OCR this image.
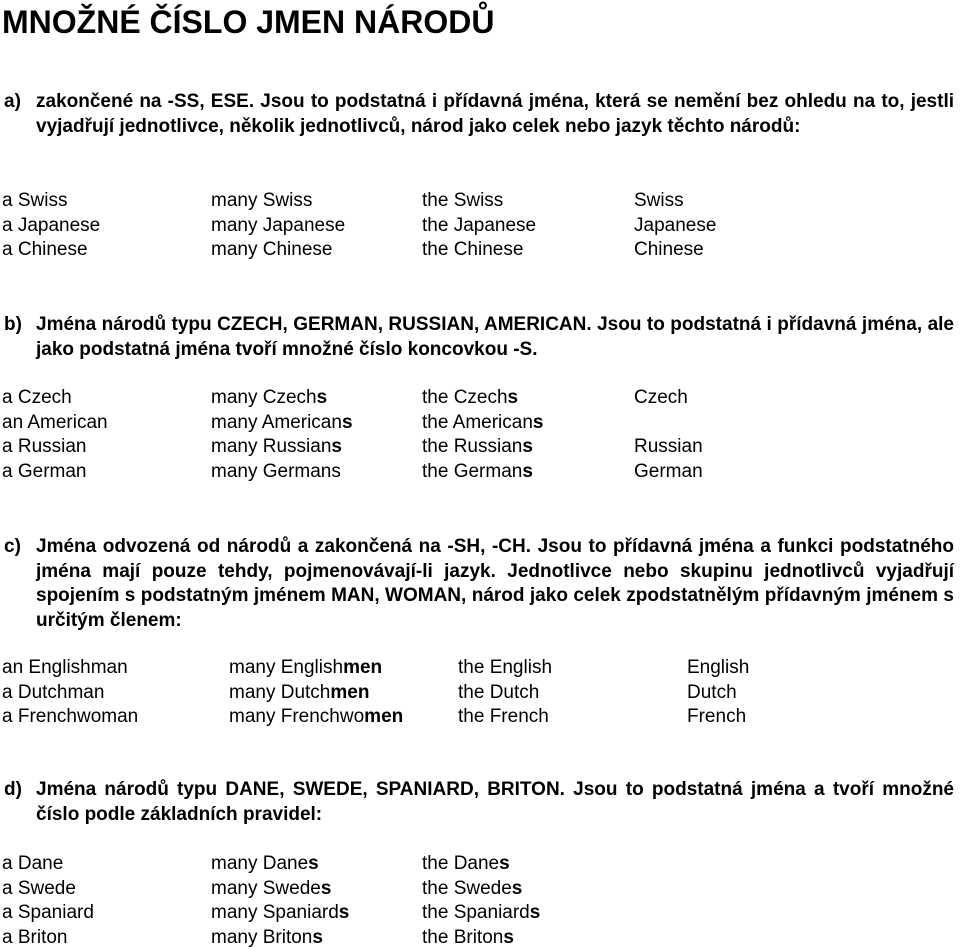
MNOŽNÉ ČÍSLO JMEN NÁRODŮ
a) zakončené na -SS, ESE. Jsou to podstatná i přídavná jména, která se nemění bez ohledu na to, jestli vyjadřují jednotlivce, několik jednotlivců, národ jako celek nebo jazyk těchto národů:
a Swiss	many Swiss	the Swiss	Swiss
a Japanese	many Japanese	the Japanese	Japanese
a Chinese	many Chinese	the Chinese	Chinese
b) Jména národů typu CZECH, GERMAN, RUSSIAN, AMERICAN. Jsou to podstatná i přídavná jména, ale jako podstatná jména tvoří množné číslo koncovkou -S.
a Czech	many Czechs	the Czechs	Czech
an American	many Americans	the Americans
a Russian	many Russians	the Russians	Russian
a German	many Germans	the Germans	German
c) Jména odvozená od národů a zakončená na -SH, -CH. Jsou to přídavná jména a funkci podstatného jména mají pouze tehdy, pojmenovávají-li jazyk. Jednotlivce nebo skupinu jednotlivců vyjadřují spojením s podstatným jménem MAN, WOMAN, národ jako celek zpodstatnělým přídavným jménem s určitým členem:
an Englishman	many Englishmen	the English	English
a Dutchman	many Dutchmen	the Dutch	Dutch
a Frenchwoman	many Frenchwomen	the French	French
d) Jména národů typu DANE, SWEDE, SPANIARD, BRITON. Jsou to podstatná jména a tvoří množné číslo podle základních pravidel:
a Dane	many Danes	the Danes
a Swede	many Swedes	the Swedes
a Spaniard	many Spaniards	the Spaniards
a Briton	many Britons	the Britons
